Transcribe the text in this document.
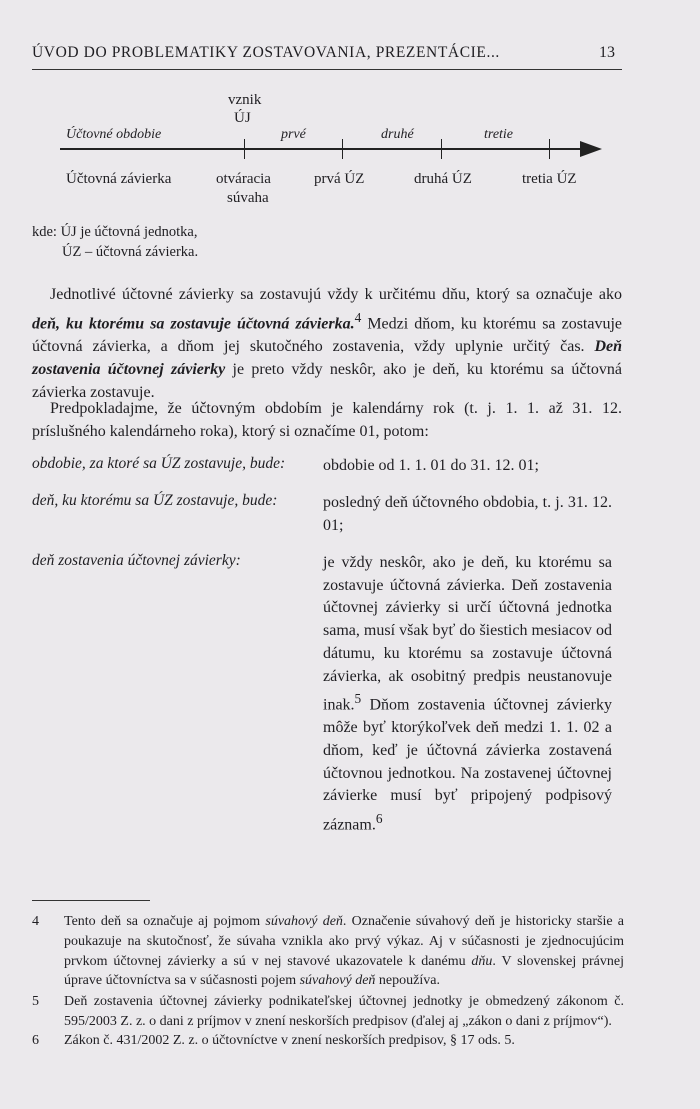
ÚVOD DO PROBLEMATIKY ZOSTAVOVANIA, PREZENTÁCIE...	13
vznik
ÚJ
Účtovné obdobie	prvé	druhé	tretie
Účtovná závierka	otváracia
súvaha
prvá ÚZ	druhá ÚZ	tretia ÚZ
kde: ÚJ je účtovná jednotka,
ÚZ – účtovná závierka.

Jednotlivé účtovné závierky sa zostavujú vždy k určitému dňu, ktorý sa označuje ako deň, ku ktorému sa zostavuje účtovná závierka.$^4$ Medzi dňom, ku ktorému sa zostavuje účtovná závierka, a dňom jej skutočného zostavenia, vždy uplynie určitý čas. Deň zostavenia účtovnej závierky je preto vždy neskôr, ako je deň, ku ktorému sa účtovná závierka zostavuje.

Predpokladajme, že účtovným obdobím je kalendárny rok (t. j. 1. 1. až 31. 12. príslušného kalendárneho roka), ktorý si označíme 01, potom:

obdobie, za ktoré sa ÚZ zostavuje, bude: obdobie od 1. 1. 01 do 31. 12. 01;

deň, ku ktorému sa ÚZ zostavuje, bude:	posledný deň účtovného obdobia, t. j. 31. 12. 01;

deň zostavenia účtovnej závierky:	je vždy neskôr, ako je deň, ku ktorému sa zostavuje účtovná závierka. Deň zostavenia účtovnej závierky si určí účtovná jednotka sama, musí však byť do šiestich mesiacov od dátumu, ku ktorému sa zostavuje účtovná závierka, ak osobitný predpis neustanovuje inak.$^5$ Dňom zostavenia účtovnej závierky môže byť ktorýkoľvek deň medzi 1. 1. 02 a dňom, keď je účtovná závierka zostavená účtovnou jednotkou. Na zostavenej účtovnej závierke musí byť pripojený podpisový záznam.$^6$

4 Tento deň sa označuje aj pojmom súvahový deň. Označenie súvahový deň je historicky staršie a poukazuje na skutočnosť, že súvaha vznikla ako prvý výkaz. Aj v súčasnosti je zjednocujúcim prvkom účtovnej závierky a sú v nej stavové ukazovatele k danému dňu. V slovenskej právnej úprave účtovníctva sa v súčasnosti pojem súvahový deň nepoužíva.

5 Deň zostavenia účtovnej závierky podnikateľskej účtovnej jednotky je obmedzený zákonom č. 595/2003 Z. z. o dani z príjmov v znení neskorších predpisov (ďalej aj „zákon o dani z príjmov“).

6 Zákon č. 431/2002 Z. z. o účtovníctve v znení neskorších predpisov, § 17 ods. 5.
